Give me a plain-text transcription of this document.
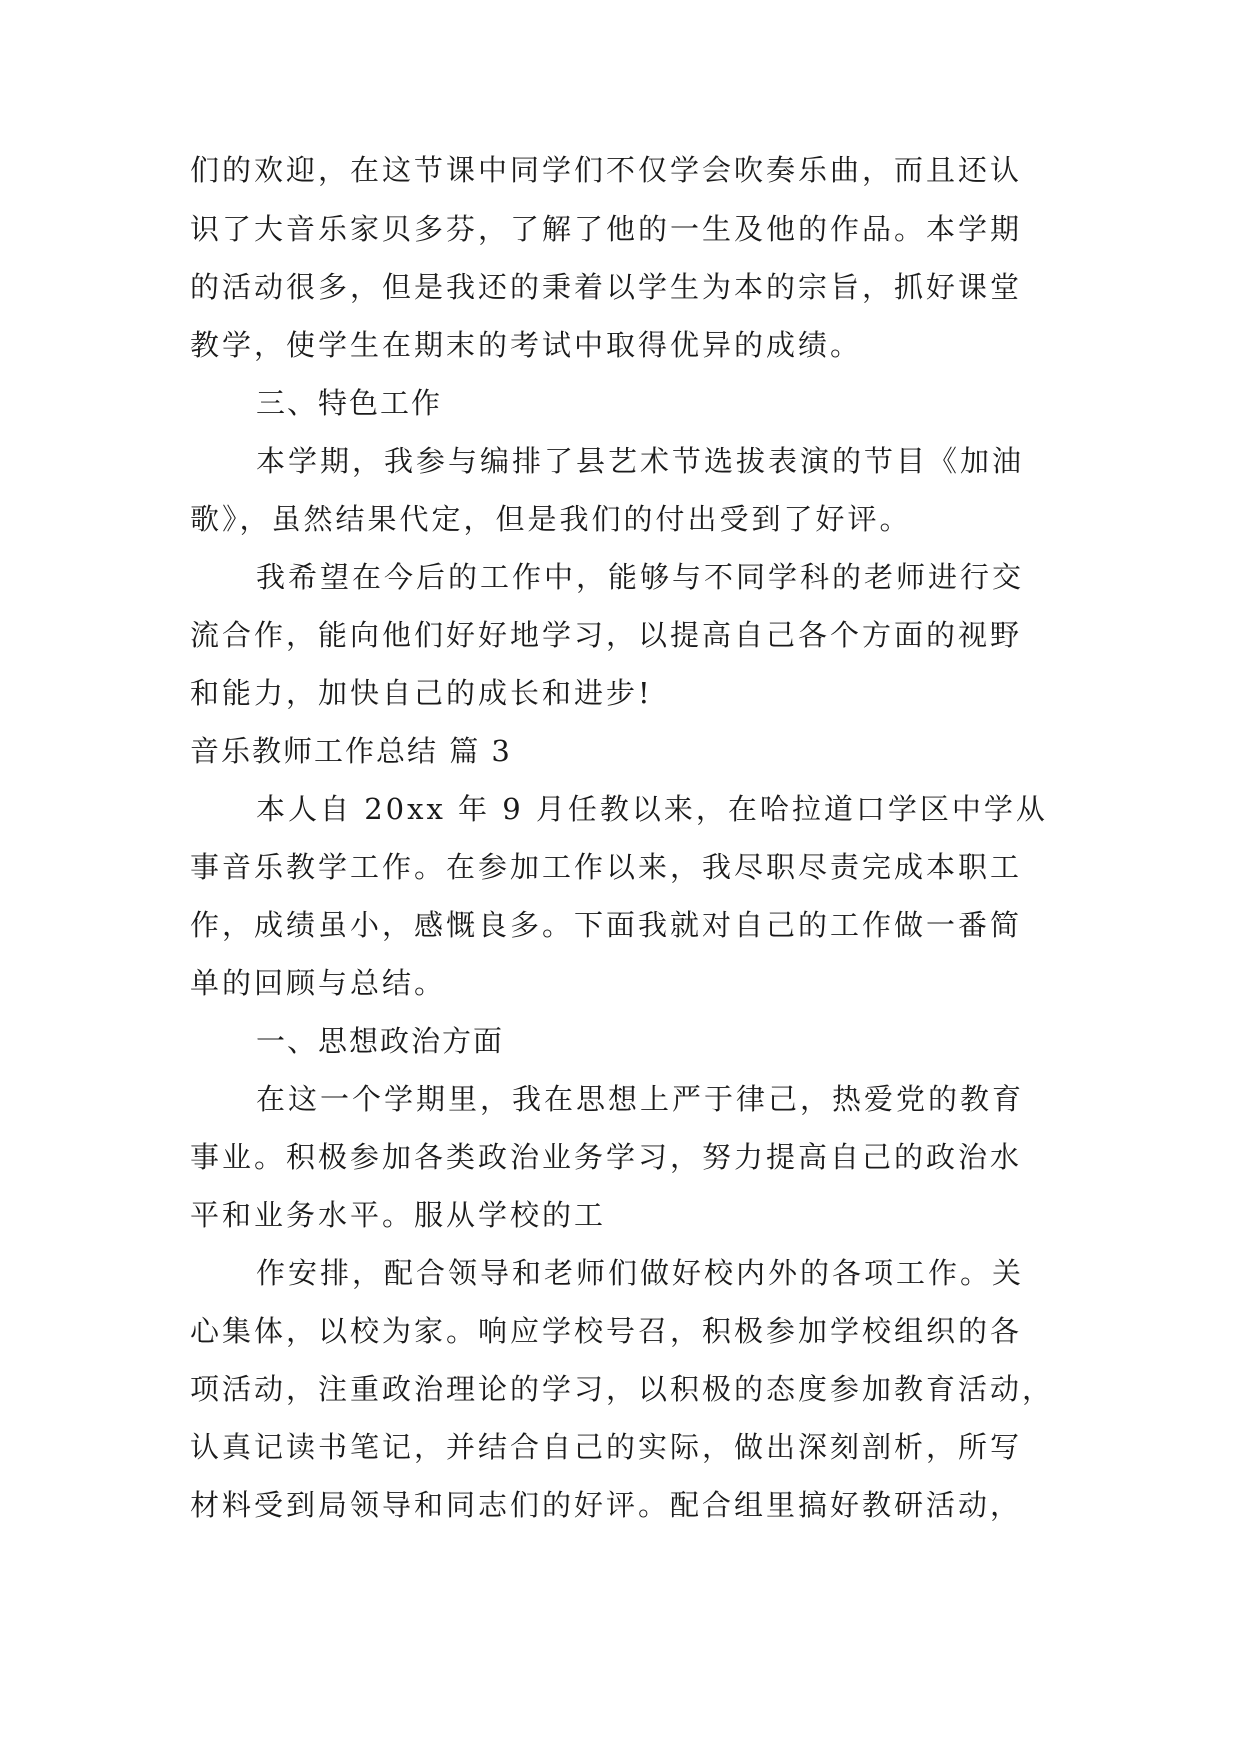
们的欢迎，在这节课中同学们不仅学会吹奏乐曲，而且还认
识了大音乐家贝多芬，了解了他的一生及他的作品。本学期
的活动很多，但是我还的秉着以学生为本的宗旨，抓好课堂
教学，使学生在期末的考试中取得优异的成绩。
三、特色工作
本学期，我参与编排了县艺术节选拔表演的节目《加油
歌》，虽然结果代定，但是我们的付出受到了好评。
我希望在今后的工作中，能够与不同学科的老师进行交
流合作，能向他们好好地学习，以提高自己各个方面的视野
和能力，加快自己的成长和进步!
音乐教师工作总结 篇 3
本人自 20xx 年 9 月任教以来，在哈拉道口学区中学从
事音乐教学工作。在参加工作以来，我尽职尽责完成本职工
作，成绩虽小，感慨良多。下面我就对自己的工作做一番简
单的回顾与总结。
一、思想政治方面
在这一个学期里，我在思想上严于律己，热爱党的教育
事业。积极参加各类政治业务学习，努力提高自己的政治水
平和业务水平。服从学校的工
作安排，配合领导和老师们做好校内外的各项工作。关
心集体，以校为家。响应学校号召，积极参加学校组织的各
项活动，注重政治理论的学习，以积极的态度参加教育活动，
认真记读书笔记，并结合自己的实际，做出深刻剖析，所写
材料受到局领导和同志们的好评。配合组里搞好教研活动，
